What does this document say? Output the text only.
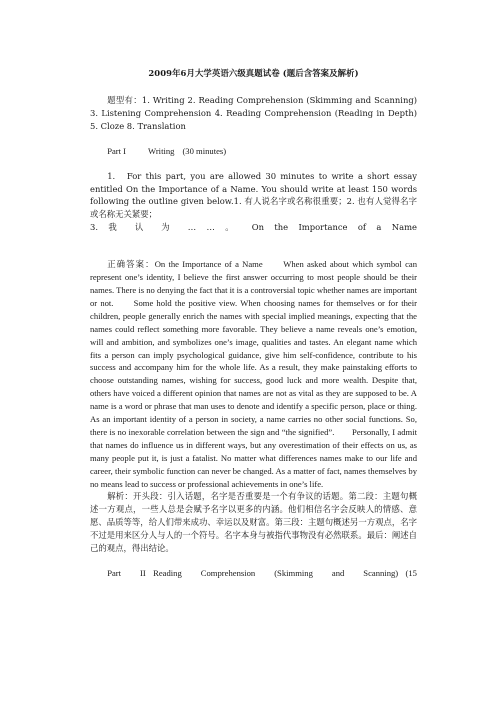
2009年6月大学英语六级真题试卷 (题后含答案及解析)

题型有：1. Writing 2. Reading Comprehension (Skimming and Scanning) 3. Listening Comprehension 4. Reading Comprehension (Reading in Depth) 5. Cloze 8. Translation

Part I	Writing (30 minutes)

1.　For this part, you are allowed 30 minutes to write a short essay entitled On the Importance of a Name. You should write at least 150 words following the outline given below.1. 有人说名字或名称很重要；2. 也有人觉得名字或名称无关紧要；

3. 我 认 为 … … 。 On the Importance of a Name

正确答案：On the Importance of a Name　　When asked about which symbol can represent one’s identity, I believe the first answer occurring to most people should be their names. There is no denying the fact that it is a controversial topic whether names are important or not.　　Some hold the positive view. When choosing names for themselves or for their children, people generally enrich the names with special implied meanings, expecting that the names could reflect something more favorable. They believe a name reveals one’s emotion, will and ambition, and symbolizes one’s image, qualities and tastes. An elegant name which fits a person can imply psychological guidance, give him self-confidence, contribute to his success and accompany him for the whole life. As a result, they make painstaking efforts to choose outstanding names, wishing for success, good luck and more wealth. Despite that, others have voiced a different opinion that names are not as vital as they are supposed to be. A name is a word or phrase that man uses to denote and identify a specific person, place or thing. As an important identity of a person in society, a name carries no other social functions. So, there is no inexorable correlation between the sign and “the signified”.　　Personally, I admit that names do influence us in different ways, but any overestimation of their effects on us, as many people put it, is just a fatalist. No matter what differences names make to our life and career, their symbolic function can never be changed. As a matter of fact, names themselves by no means lead to success or professional achievements in one’s life.

解析：开头段：引入话题，名字是否重要是一个有争议的话题。第二段：主题句概述一方观点，一些人总是会赋予名字以更多的内涵。他们相信名字会反映人的情感、意愿、品质等等，给人们带来成功、幸运以及财富。第三段：主题句概述另一方观点，名字不过是用来区分人与人的一个符号。名字本身与被指代事物没有必然联系。最后：阐述自己的观点，得出结论。

Part　II Reading　Comprehension　(Skimming　and　Scanning) (15
